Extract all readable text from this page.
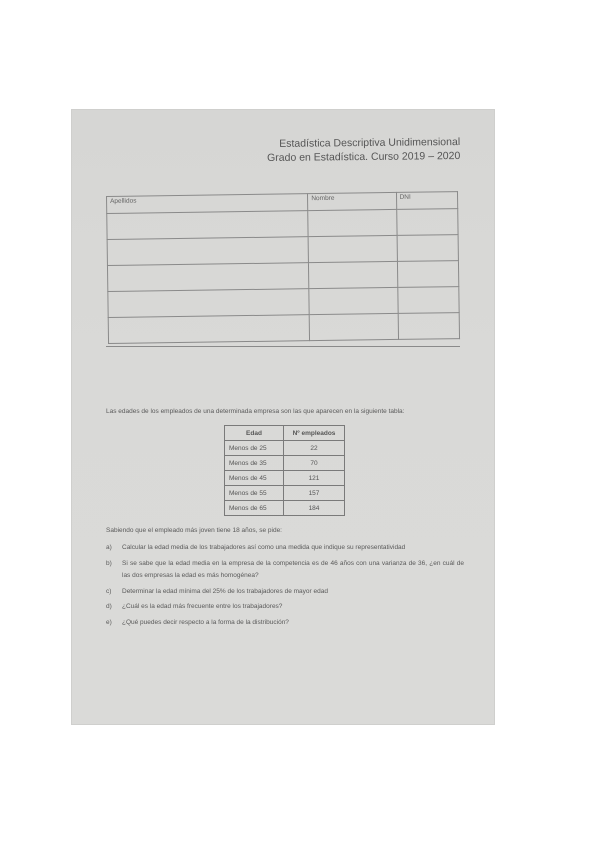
Estadística Descriptiva Unidimensional
Grado en Estadística. Curso 2019 – 2020
Apellidos	Nombre	DNI

Las edades de los empleados de una determinada empresa son las que aparecen en la siguiente tabla:

Edad	Nº empleados
Menos de 25	22
Menos de 35	70
Menos de 45	121
Menos de 55	157
Menos de 65	184

Sabiendo que el empleado más joven tiene 18 años, se pide:

a)	Calcular la edad media de los trabajadores así como una medida que indique su representatividad
b)	Si se sabe que la edad media en la empresa de la competencia es de 46 años con una varianza de 36, ¿en cuál de las dos empresas la edad es más homogénea?
c)	Determinar la edad mínima del 25% de los trabajadores de mayor edad
d)	¿Cuál es la edad más frecuente entre los trabajadores?
e)	¿Qué puedes decir respecto a la forma de la distribución?
